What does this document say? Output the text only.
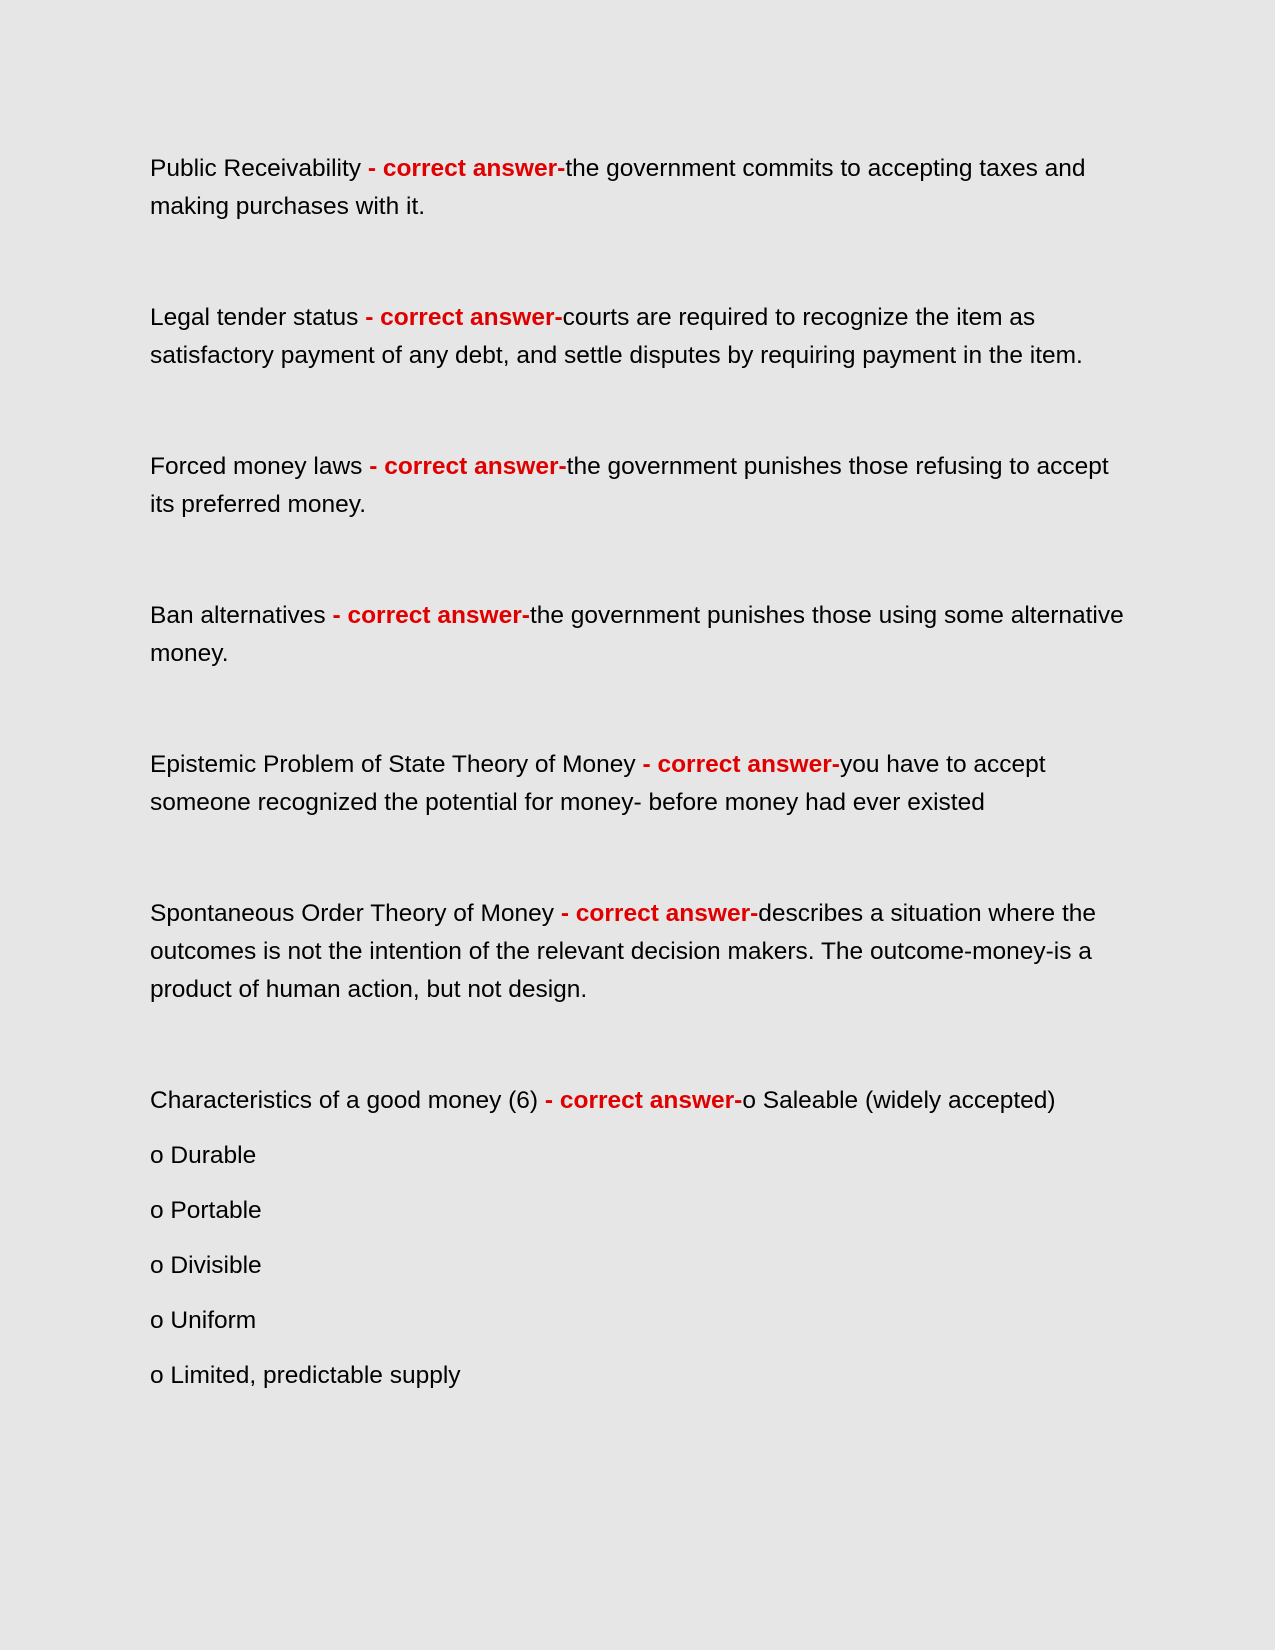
Public Receivability - correct answer-the government commits to accepting taxes and making purchases with it.

Legal tender status - correct answer-courts are required to recognize the item as satisfactory payment of any debt, and settle disputes by requiring payment in the item.

Forced money laws - correct answer-the government punishes those refusing to accept its preferred money.

Ban alternatives - correct answer-the government punishes those using some alternative money.

Epistemic Problem of State Theory of Money - correct answer-you have to accept someone recognized the potential for money- before money had ever existed

Spontaneous Order Theory of Money - correct answer-describes a situation where the outcomes is not the intention of the relevant decision makers. The outcome-money-is a product of human action, but not design.

Characteristics of a good money (6) - correct answer-o Saleable (widely accepted)

o Durable
o Portable
o Divisible
o Uniform
o Limited, predictable supply
